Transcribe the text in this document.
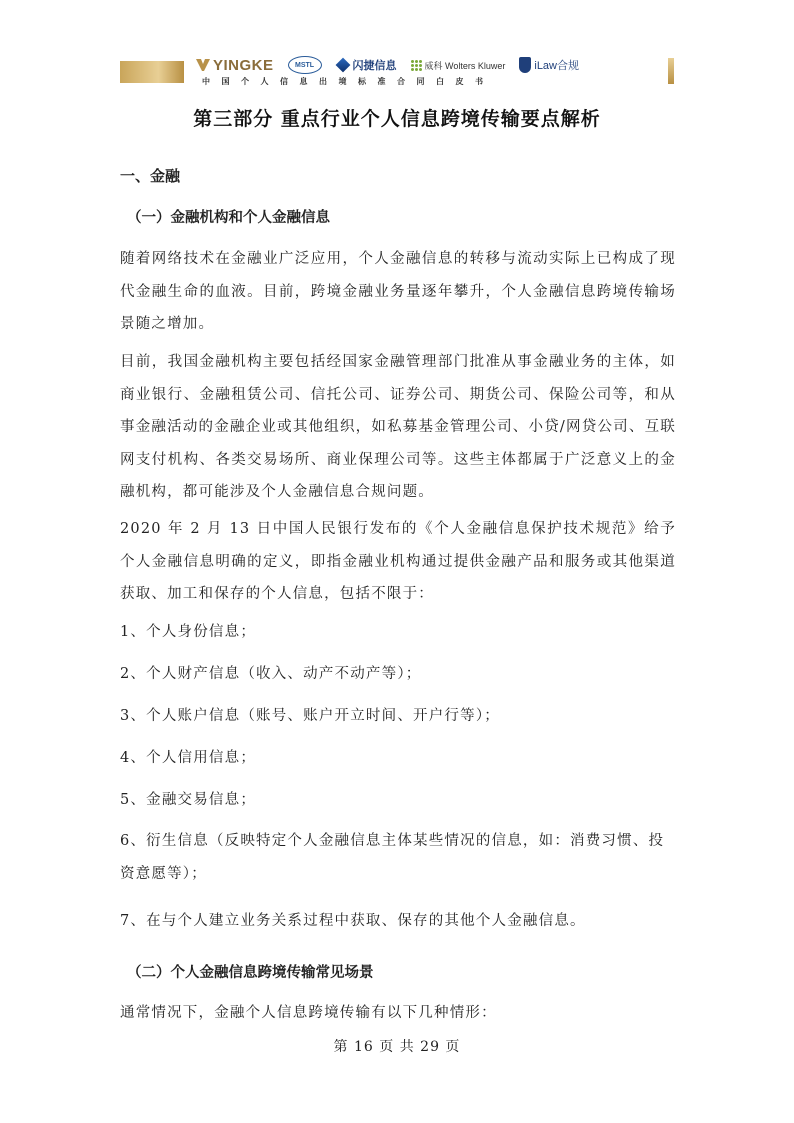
YINGKE	MSTL	闪捷信息	威科 Wolters Kluwer	iLaw合规
中国个人信息出境标准合同白皮书
第三部分 重点行业个人信息跨境传输要点解析
一、金融
（一）金融机构和个人金融信息
随着网络技术在金融业广泛应用，个人金融信息的转移与流动实际上已构成了现代金融生命的血液。目前，跨境金融业务量逐年攀升，个人金融信息跨境传输场景随之增加。
目前，我国金融机构主要包括经国家金融管理部门批准从事金融业务的主体，如商业银行、金融租赁公司、信托公司、证券公司、期货公司、保险公司等，和从事金融活动的金融企业或其他组织，如私募基金管理公司、小贷/网贷公司、互联网支付机构、各类交易场所、商业保理公司等。这些主体都属于广泛意义上的金融机构，都可能涉及个人金融信息合规问题。
2020 年 2 月 13 日中国人民银行发布的《个人金融信息保护技术规范》给予个人金融信息明确的定义，即指金融业机构通过提供金融产品和服务或其他渠道获取、加工和保存的个人信息，包括不限于：
1、个人身份信息；
2、个人财产信息（收入、动产不动产等）；
3、个人账户信息（账号、账户开立时间、开户行等）；
4、个人信用信息；
5、金融交易信息；
6、衍生信息（反映特定个人金融信息主体某些情况的信息，如：消费习惯、投资意愿等）；
7、在与个人建立业务关系过程中获取、保存的其他个人金融信息。
（二）个人金融信息跨境传输常见场景
通常情况下，金融个人信息跨境传输有以下几种情形：
第 16 页 共 29 页
